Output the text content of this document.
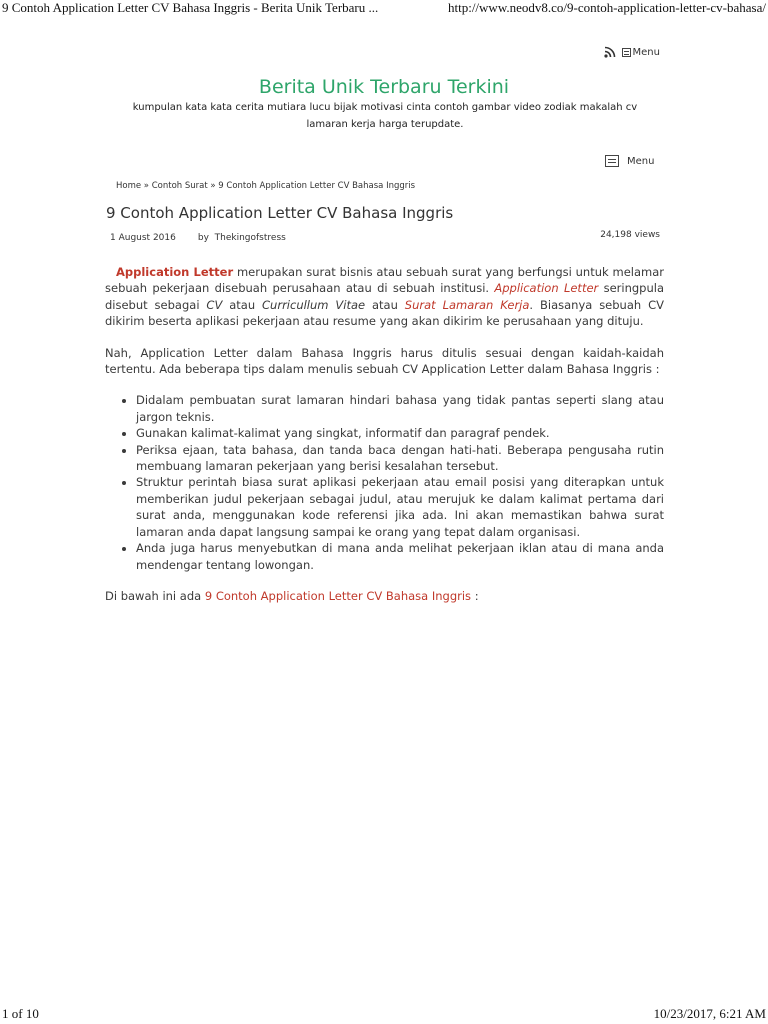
9 Contoh Application Letter CV Bahasa Inggris - Berita Unik Terbaru ...	http://www.neodv8.co/9-contoh-application-letter-cv-bahasa/
Menu
Berita Unik Terbaru Terkini
kumpulan kata kata cerita mutiara lucu bijak motivasi cinta contoh gambar video zodiak makalah cv lamaran kerja harga terupdate.
Menu
Home » Contoh Surat » 9 Contoh Application Letter CV Bahasa Inggris
9 Contoh Application Letter CV Bahasa Inggris
1 August 2016 by Thekingofstress	24,198 views

Application Letter merupakan surat bisnis atau sebuah surat yang berfungsi untuk melamar sebuah pekerjaan disebuah perusahaan atau di sebuah institusi. Application Letter seringpula disebut sebagai CV atau Curricullum Vitae atau Surat Lamaran Kerja. Biasanya sebuah CV dikirim beserta aplikasi pekerjaan atau resume yang akan dikirim ke perusahaan yang dituju.

Nah, Application Letter dalam Bahasa Inggris harus ditulis sesuai dengan kaidah-kaidah tertentu. Ada beberapa tips dalam menulis sebuah CV Application Letter dalam Bahasa Inggris :

• Didalam pembuatan surat lamaran hindari bahasa yang tidak pantas seperti slang atau jargon teknis.
• Gunakan kalimat-kalimat yang singkat, informatif dan paragraf pendek.
• Periksa ejaan, tata bahasa, dan tanda baca dengan hati-hati. Beberapa pengusaha rutin membuang lamaran pekerjaan yang berisi kesalahan tersebut.
• Struktur perintah biasa surat aplikasi pekerjaan atau email posisi yang diterapkan untuk memberikan judul pekerjaan sebagai judul, atau merujuk ke dalam kalimat pertama dari surat anda, menggunakan kode referensi jika ada. Ini akan memastikan bahwa surat lamaran anda dapat langsung sampai ke orang yang tepat dalam organisasi.
• Anda juga harus menyebutkan di mana anda melihat pekerjaan iklan atau di mana anda mendengar tentang lowongan.

Di bawah ini ada 9 Contoh Application Letter CV Bahasa Inggris :

1 of 10	10/23/2017, 6:21 AM
